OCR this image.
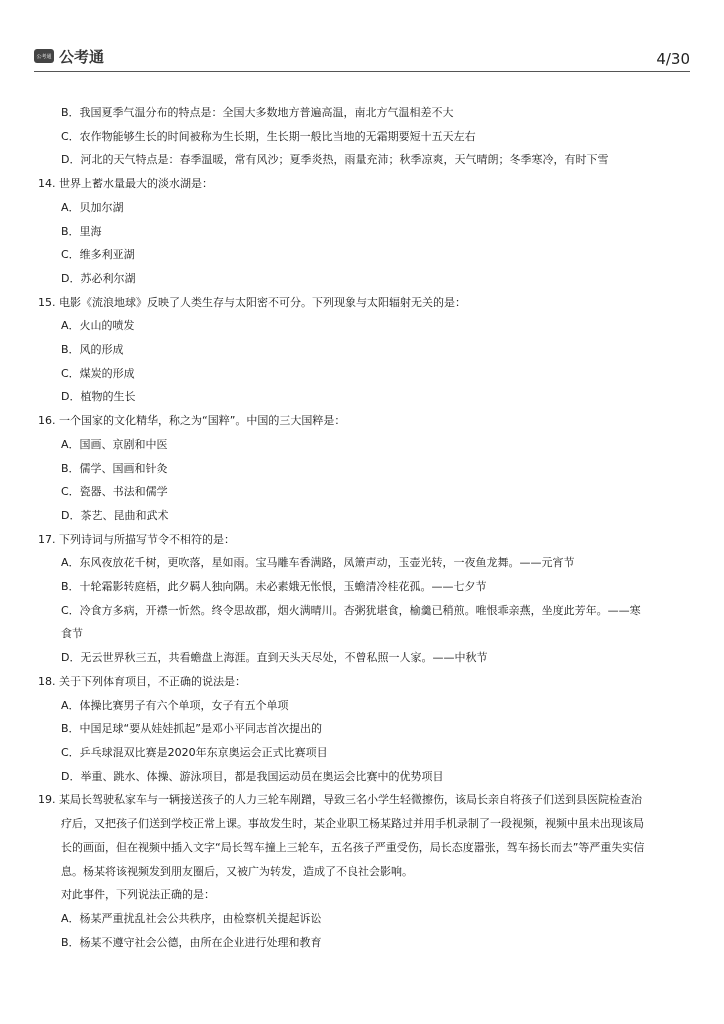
公考通 公考通	4/30
B．我国夏季气温分布的特点是：全国大多数地方普遍高温，南北方气温相差不大
C．农作物能够生长的时间被称为生长期，生长期一般比当地的无霜期要短十五天左右
D．河北的天气特点是：春季温暖，常有风沙；夏季炎热，雨量充沛；秋季凉爽，天气晴朗；冬季寒冷，有时下雪
14. 世界上蓄水量最大的淡水湖是：
A．贝加尔湖
B．里海
C．维多利亚湖
D．苏必利尔湖
15. 电影《流浪地球》反映了人类生存与太阳密不可分。下列现象与太阳辐射无关的是：
A．火山的喷发
B．风的形成
C．煤炭的形成
D．植物的生长
16. 一个国家的文化精华，称之为“国粹”。中国的三大国粹是：
A．国画、京剧和中医
B．儒学、国画和针灸
C．瓷器、书法和儒学
D．茶艺、昆曲和武术
17. 下列诗词与所描写节令不相符的是：
A．东风夜放花千树，更吹落，星如雨。宝马雕车香满路，凤箫声动，玉壶光转，一夜鱼龙舞。——元宵节
B．十轮霜影转庭梧，此夕羁人独向隅。未必素娥无怅恨，玉蟾清冷桂花孤。——七夕节
C．冷食方多病，开襟一忻然。终令思故郡，烟火满晴川。杏粥犹堪食，榆羹已稍煎。唯恨乖亲燕，坐度此芳年。——寒
食节
D．无云世界秋三五，共看蟾盘上海涯。直到天头天尽处，不曾私照一人家。——中秋节
18. 关于下列体育项目，不正确的说法是：
A．体操比赛男子有六个单项，女子有五个单项
B．中国足球“要从娃娃抓起”是邓小平同志首次提出的
C．乒乓球混双比赛是2020年东京奥运会正式比赛项目
D．举重、跳水、体操、游泳项目，都是我国运动员在奥运会比赛中的优势项目
19. 某局长驾驶私家车与一辆接送孩子的人力三轮车剐蹭，导致三名小学生轻微擦伤，该局长亲自将孩子们送到县医院检查治
疗后，又把孩子们送到学校正常上课。事故发生时，某企业职工杨某路过并用手机录制了一段视频，视频中虽未出现该局
长的画面，但在视频中插入文字“局长驾车撞上三轮车，五名孩子严重受伤，局长态度嚣张，驾车扬长而去”等严重失实信
息。杨某将该视频发到朋友圈后，又被广为转发，造成了不良社会影响。
对此事件，下列说法正确的是：
A．杨某严重扰乱社会公共秩序，由检察机关提起诉讼
B．杨某不遵守社会公德，由所在企业进行处理和教育
